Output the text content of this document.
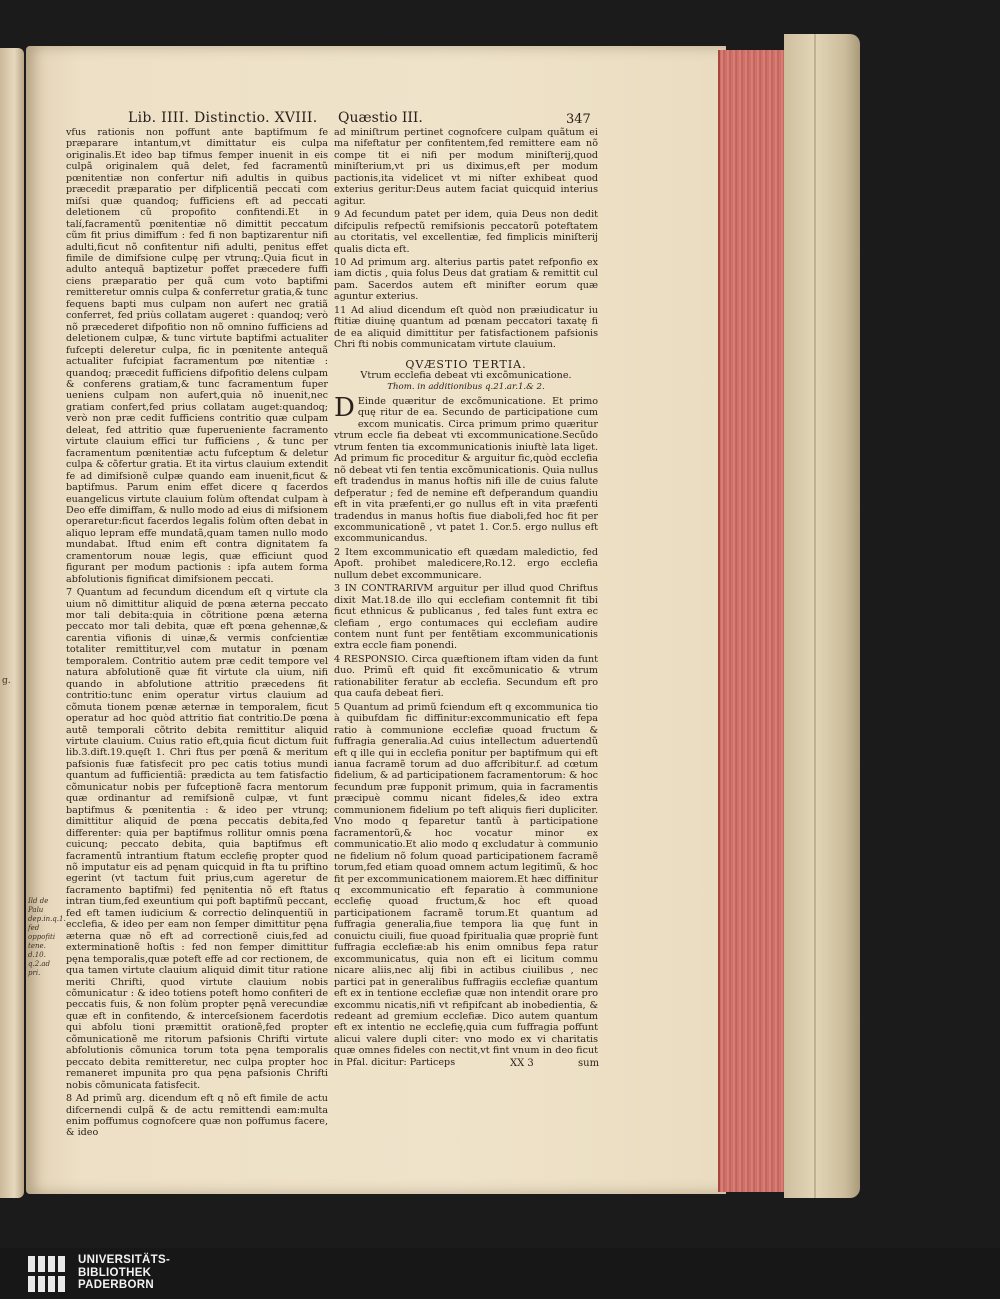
g.
Lib. IIII. Distinctio. XVIII.	Quæstio III.	347
Ild de Palu dep.in.q.1. fed oppofiti tene. d.10. q.2.ad pri.

vfus rationis non poffunt ante baptifmum fe præparare intantum,vt dimittatur eis culpa originalis.Et ideo bap tifmus femper inuenit in eis culpã originalem quã delet, fed facramentũ pœnitentiæ non confertur nifi adultis in quibus præcedit præparatio per difplicentiã peccati com miſsi quæ quandoq; fufficiens eft ad peccati deletionem cũ propofito confitendi.Et in talí,facramentũ pœnitentiæ nõ dimittit peccatum cũm fit prius dimiffum : fed fi non baptizarentur nifi adulti,ficut nõ confitentur nifi adulti, penitus effet fimile de dimifsione culpę per vtrunq;.Quia ficut in adulto antequã baptizetur poffet præcedere fuffi ciens præparatio per quã cum voto baptifmi remitteretur omnis culpa & conferretur gratia,& tunc fequens bapti mus culpam non aufert nec gratiã conferret, fed priùs collatam augeret : quandoq; verò nõ præcederet difpofitio non nõ omnino fufficiens ad deletionem culpæ, & tunc virtute baptifmi actualiter fufcepti deleretur culpa, fic in pœnitente antequã actualiter fufcipiat facramentum pœ nitentiæ : quandoq; præcedit fufficiens difpofitio delens culpam & conferens gratiam,& tunc facramentum fuper ueniens culpam non aufert,quia nõ inuenit,nec gratiam confert,fed prius collatam auget:quandoq; verò non præ cedit fufficiens contritio quæ culpam deleat, fed attritio quæ fuperueniente facramento virtute clauium effici tur fufficiens , & tunc per facramentum pœnitentiæ actu fufceptum & deletur culpa & cõfertur gratia. Et ita virtus clauium extendit fe ad dimifsionẽ culpæ quando eam inuenit,ficut & baptifmus. Parum enim effet dicere q facerdos euangelicus virtute clauium folùm oftendat culpam à Deo effe dimiffam, & nullo modo ad eius di mifsionem operaretur:ficut facerdos legalis folùm often debat in aliquo lepram effe mundatã,quam tamen nullo modo mundabat. Iftud enim eft contra dignitatem fa cramentorum nouæ legis, quæ efficiunt quod figurant per modum pactionis : ipfa autem forma abfolutionis fignificat dimifsionem peccati.

7 Quantum ad fecundum dicendum eſt q virtute cla uium nõ dimittitur aliquid de pœna æterna peccato mor tali debita:quia in cõtritione pœna æterna peccato mor tali debita, quæ eft pœna gehennæ,& carentia vifionis di uinæ,& vermis confcientiæ totaliter remittitur,vel com mutatur in pœnam temporalem. Contritio autem præ cedit tempore vel natura abfolutionẽ quæ fit virtute cla uium, nifi quando in abfolutione attritio præcedens fit contritio:tunc enim operatur virtus clauium ad cõmuta tionem pœnæ æternæ in temporalem, ficut operatur ad hoc quòd attritio fiat contritio.De pœna autẽ temporali cõtrito debita remittitur aliquid virtute clauium. Cuius ratio eft,quia ficut dictum fuit lib.3.dift.19.quęſt 1. Chri ftus per pœnã & meritum pafsionis fuæ fatisfecit pro pec catis totius mundi quantum ad fufficientiã: prædicta au tem fatisfactio cõmunicatur nobis per fufceptionẽ facra mentorum quæ ordinantur ad remifsionẽ culpæ, vt funt baptifmus & pœnitentia : & ideo per vtrunq; dimittitur aliquid de pœna peccatis debita,fed differenter: quia per baptifmus rollitur omnis pœna cuicunq; peccato debita, quia baptifmus eft facramentũ intrantium ftatum ecclefię propter quod nõ imputatur eis ad pęnam quicquid in fta tu priftino egerint (vt tactum fuit prius,cum ageretur de facramento baptifmi) fed pęnitentia nõ eft ftatus intran tium,fed exeuntium qui poft baptifmũ peccant, fed eft tamen iudicium & correctio delinquentiũ in ecclefia, & ideo per eam non ſemper dimittitur pęna æterna quæ nõ eft ad correctionẽ ciuis,fed ad exterminationẽ hoſtis : fed non femper dimittitur pęna temporalis,quæ poteft effe ad cor rectionem, de qua tamen virtute clauium aliquid dimit titur ratione meriti Chrifti, quod virtute clauium nobis cõmunicatur : & ideo totiens poteft homo confiteri de peccatis fuis, & non folùm propter pęnã verecundiæ quæ eft in confitendo, & interceſsionem facerdotis qui abfolu tioni præmittit orationẽ,fed propter cõmunicationẽ me ritorum pafsionis Chrifti virtute abfolutionis cõmunica torum tota pęna temporalis peccato debita remitteretur, nec culpa propter hoc remaneret impunita pro qua pęna pafsionis Chrifti nobis cõmunicata fatisfecit.

8 Ad primũ arg. dicendum eft q nõ eft fimile de actu difcernendi culpã & de actu remittendi eam:multa enim poffumus cognofcere quæ non poffumus facere, & ideo

ad miniſtrum pertinet cognofcere culpam quãtum ei ma nifeftatur per confitentem,fed remittere eam nõ compe tit ei nifi per modum miniſterij,quod miniſterium,vt pri us diximus,eft per modum pactionis,ita videlicet vt mi niſter exhibeat quod exterius geritur:Deus autem faciat quicquid interius agitur.

9 Ad fecundum patet per idem, quia Deus non dedit difcipulis refpectũ remifsionis peccatorũ poteftatem au ctoritatis, vel excellentiæ, fed fimplicis miniſterij qualis dicta eft.

10 Ad primum arg. alterius partis patet refponfio ex iam dictis , quia folus Deus dat gratiam & remittit cul pam. Sacerdos autem eft minifter eorum quæ aguntur exterius.

11 Ad aliud dicendum eſt quòd non præiudicatur iu ftitiæ diuinę quantum ad pœnam peccatori taxatę fi de ea aliquid dimittitur per fatisfactionem pafsionis Chri fti nobis communicatam virtute clauium.

QVÆSTIO TERTIA.
Vtrum ecclefia debeat vti excõmunicatione.
Thom. in additionibus q.21.ar.1.& 2.

D Einde quæritur de excõmunicatione. Et primo quę ritur de ea. Secundo de participatione cum excom municatis. Circa primum primo quæritur vtrum eccle fia debeat vti excommunicatione.Secũdo vtrum fenten tia excommunicationis iniuftè lata liget. Ad primum fic proceditur & arguitur fic,quòd ecclefia nõ debeat vti fen tentia excõmunicationis. Quia nullus eft tradendus in manus hoftis nifi ille de cuius falute defperatur ; fed de nemine eft defperandum quandiu eft in vita præfenti,er go nullus eft in vita præfenti tradendus in manus hoſtis fiue diaboli,fed hoc fit per excommunicationẽ , vt patet 1. Cor.5. ergo nullus eft excommunicandus.

2 Item excommunicatio eft quædam maledictio, fed Apoft. prohibet maledicere,Ro.12. ergo ecclefia nullum debet excommunicare.

3 IN CONTRARIVM arguitur per illud quod Chriftus dixit Mat.18.de illo qui ecclefiam contemnit fit tibi ficut ethnicus & publicanus , fed tales funt extra ec clefiam , ergo contumaces qui ecclefiam audire contem nunt funt per fentẽtiam excommunicationis extra eccle fiam ponendi.

4 RESPONSIO. Circa quæftionem iftam viden da funt duo. Primũ eft quid fit excõmunicatio & vtrum rationabiliter feratur ab ecclefia. Secundum eft pro qua caufa debeat fieri.

5 Quantum ad primũ fciendum eft q excommunica tio à quibufdam fic diffinitur:excommunicatio eft fepa ratio à communione ecclefiæ quoad fructum & fuffragia generalia.Ad cuius intellectum aduertendũ eft q ille qui in ecclefia ponitur per baptifmum qui eft ianua facramẽ torum ad duo affcribitur.f. ad cœtum fidelium, & ad participationem facramentorum: & hoc fecundum præ fupponit primum, quia in facramentis præcipuè commu nicant fideles,& ideo extra communionem fidelium po teft aliquis fieri dupliciter. Vno modo q feparetur tantũ à participatione facramentorũ,& hoc vocatur minor ex communicatio.Et alio modo q excludatur à communio ne fidelium nõ folum quoad participationem facramẽ torum,fed etiam quoad omnem actum legitimũ, & hoc fit per excommunicationem maiorem.Et hæc diffinitur q excommunicatio eft feparatio à communione ecclefię quoad fructum,& hoc eft quoad participationem facramẽ torum.Et quantum ad fuffragia generalia,fiue tempora lia quę funt in conuictu ciuili, fiue quoad fpiritualia quæ propriè funt fuffragia ecclefiæ:ab his enim omnibus fepa ratur excommunicatus, quia non eft ei licitum commu nicare aliis,nec alij fibi in actibus ciuilibus , nec partici pat in generalibus fuffragiis ecclefiæ quantum eft ex in tentione ecclefiæ quæ non intendit orare pro excommu nicatis,nifi vt refipifcant ab inobedientia, & redeant ad gremium ecclefiæ. Dico autem quantum eft ex intentio ne ecclefię,quia cum fuffragia poffunt alicui valere dupli citer: vno modo ex vi charitatis quæ omnes fideles con nectit,vt fint vnum in deo ficut in Pfal. dicitur: Particeps	XX 3	sum
UNIVERSITÄTS-
BIBLIOTHEK
PADERBORN
